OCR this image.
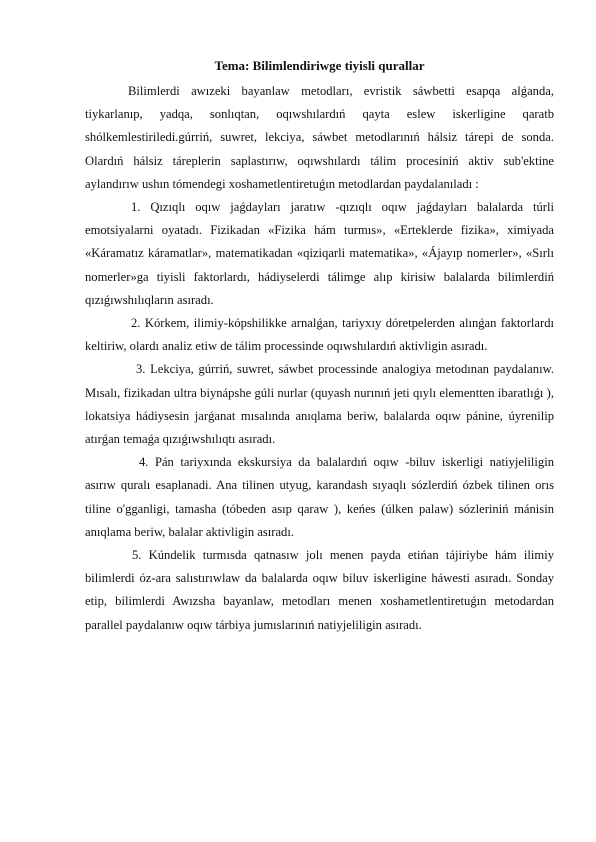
Tema: Bilimlendiriwge tiyisli qurallar

Bilimlerdi awızeki bayanlaw metodları, evristik sáwbetti esapqa alǵanda, tiykarlanıp, yadqa, sonlıqtan, oqıwshılardıń qayta eslew iskerligine qaratb shólkemlestiriledi.gúrriń, suwret, lekciya, sáwbet metodlarınıń hálsiz tárepi de sonda. Olardıń hálsiz táreplerin saplastırıw, oqıwshılardı tálim procesiniń aktiv sub'ektine aylandırıw ushın tómendegi xoshametlentiretuǵın metodlardan paydalanıladı :

1. Qızıqlı oqıw jaǵdayları jaratıw -qızıqlı oqıw jaǵdayları balalarda túrli emotsiyalarni oyatadı. Fizikadan «Fizika hám turmıs», «Erteklerde fizika», ximiyada «Káramatız káramatlar», matematikadan «qiziqarli matematika», «Ájayıp nomerler», «Sırlı nomerler»ga tiyisli faktorlardı, hádiyselerdi tálimge alıp kirisiw balalarda bilimlerdiń qızıǵıwshılıqların asıradı.

2. Kórkem, ilimiy-kópshilikke arnalǵan, tariyxıy dóretpelerden alınǵan faktorlardı keltiriw, olardı analiz etiw de tálim processinde oqıwshılardıń aktivligin asıradı.

3. Lekciya, gúrriń, suwret, sáwbet processinde analogiya metodınan paydalanıw. Mısalı, fizikadan ultra biynápshe gúli nurlar (quyash nurınıń jeti qıylı elementten ibaratlıǵı ), lokatsiya hádiysesin jarǵanat mısalında anıqlama beriw, balalarda oqıw pánine, úyrenilip atırǵan temaǵa qızıǵıwshılıqtı asıradı.

4. Pán tariyxında ekskursiya da balalardıń oqıw -biluv iskerligi natiyjeliligin asırıw quralı esaplanadi. Ana tilinen utyug, karandash sıyaqlı sózlerdiń ózbek tilinen orıs tiline o'gganligi, tamasha (tóbeden asıp qaraw ), keńes (úlken palaw) sózleriniń mánisin anıqlama beriw, balalar aktivligin asıradı.

5. Kúndelik turmısda qatnasıw jolı menen payda etińan tájiriybe hám ilimiy bilimlerdi óz-ara salıstırıwlaw da balalarda oqıw biluv iskerligine háwesti asıradı. Sonday etip, bilimlerdi Awızsha bayanlaw, metodları menen xoshametlentiretuǵın metodardan parallel paydalanıw oqıw tárbiya jumıslarınıń natiyjeliligin asıradı.
